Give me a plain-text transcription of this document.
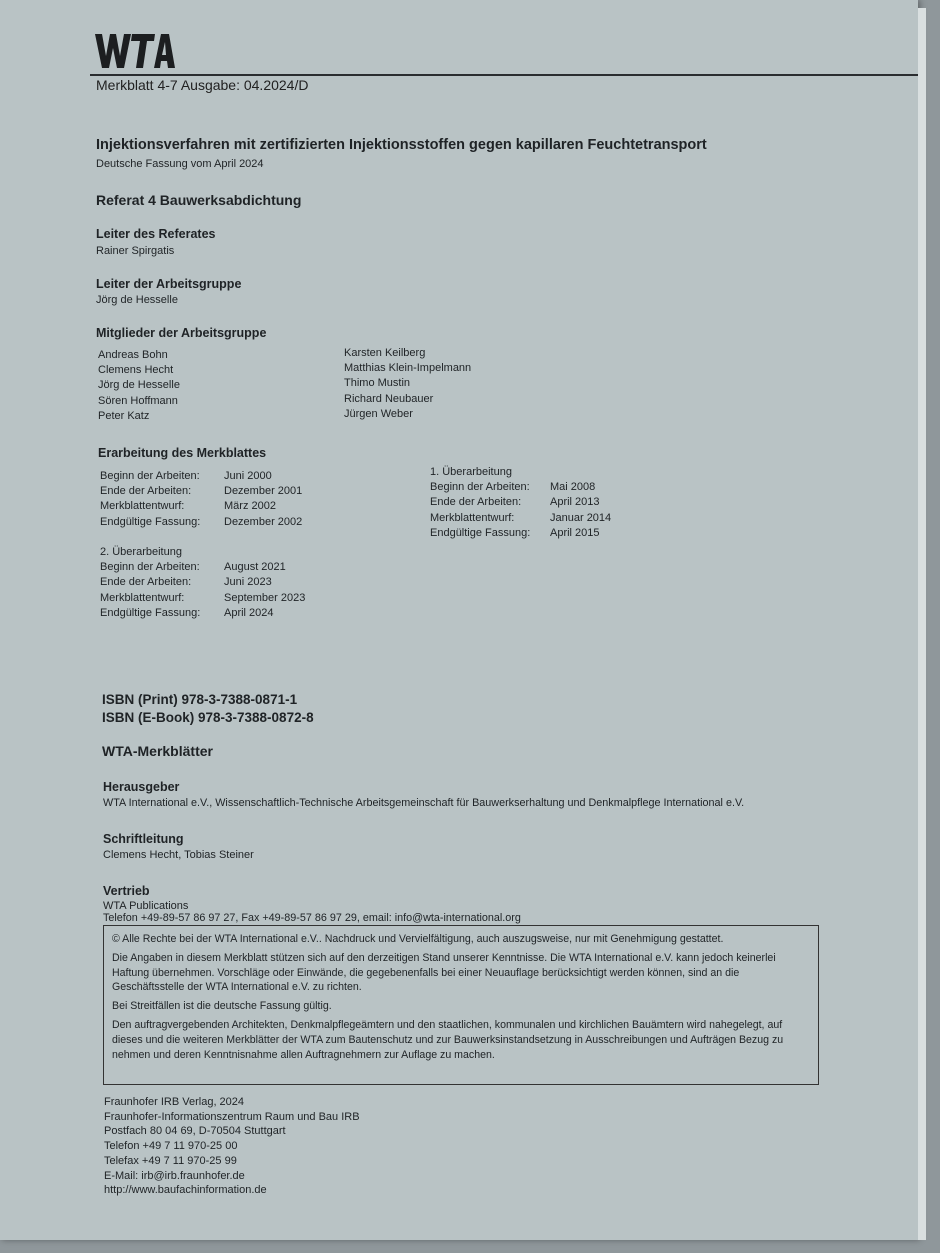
Merkblatt 4-7 Ausgabe: 04.2024/D
Injektionsverfahren mit zertifizierten Injektionsstoffen gegen kapillaren Feuchtetransport
Deutsche Fassung vom April 2024
Referat 4 Bauwerksabdichtung
Leiter des Referates
Rainer Spirgatis
Leiter der Arbeitsgruppe
Jörg de Hesselle
Mitglieder der Arbeitsgruppe
Andreas Bohn
Clemens Hecht
Jörg de Hesselle
Sören Hoffmann
Peter Katz
Karsten Keilberg
Matthias Klein-Impelmann
Thimo Mustin
Richard Neubauer
Jürgen Weber
Erarbeitung des Merkblattes
Beginn der Arbeiten:	Juni 2000
Ende der Arbeiten:	Dezember 2001
Merkblattentwurf:	März 2002
Endgültige Fassung:	Dezember 2002
1. Überarbeitung
Beginn der Arbeiten:	Mai 2008
Ende der Arbeiten:	April 2013
Merkblattentwurf:	Januar 2014
Endgültige Fassung:	April 2015
2. Überarbeitung
Beginn der Arbeiten:	August 2021
Ende der Arbeiten:	Juni 2023
Merkblattentwurf:	September 2023
Endgültige Fassung:	April 2024
ISBN (Print) 978-3-7388-0871-1
ISBN (E-Book) 978-3-7388-0872-8
WTA-Merkblätter
Herausgeber
WTA International e.V., Wissenschaftlich-Technische Arbeitsgemeinschaft für Bauwerkserhaltung und Denkmalpflege International e.V.
Schriftleitung
Clemens Hecht, Tobias Steiner
Vertrieb
WTA Publications
Telefon +49-89-57 86 97 27, Fax +49-89-57 86 97 29, email: info@wta-international.org

© Alle Rechte bei der WTA International e.V.. Nachdruck und Vervielfältigung, auch auszugsweise, nur mit Genehmigung gestattet.

Die Angaben in diesem Merkblatt stützen sich auf den derzeitigen Stand unserer Kenntnisse. Die WTA International e.V. kann jedoch keinerlei Haftung übernehmen. Vorschläge oder Einwände, die gegebenenfalls bei einer Neuauflage berücksichtigt werden können, sind an die Geschäftsstelle der WTA International e.V. zu richten.

Bei Streitfällen ist die deutsche Fassung gültig.

Den auftragvergebenden Architekten, Denkmalpflegeämtern und den staatlichen, kommunalen und kirchlichen Bauämtern wird nahegelegt, auf dieses und die weiteren Merkblätter der WTA zum Bautenschutz und zur Bauwerksinstandsetzung in Ausschreibungen und Aufträgen Bezug zu nehmen und deren Kenntnisnahme allen Auftragnehmern zur Auflage zu machen.

Fraunhofer IRB Verlag, 2024
Fraunhofer-Informationszentrum Raum und Bau IRB
Postfach 80 04 69, D-70504 Stuttgart
Telefon +49 7 11 970-25 00
Telefax +49 7 11 970-25 99
E-Mail: irb@irb.fraunhofer.de
http://www.baufachinformation.de
